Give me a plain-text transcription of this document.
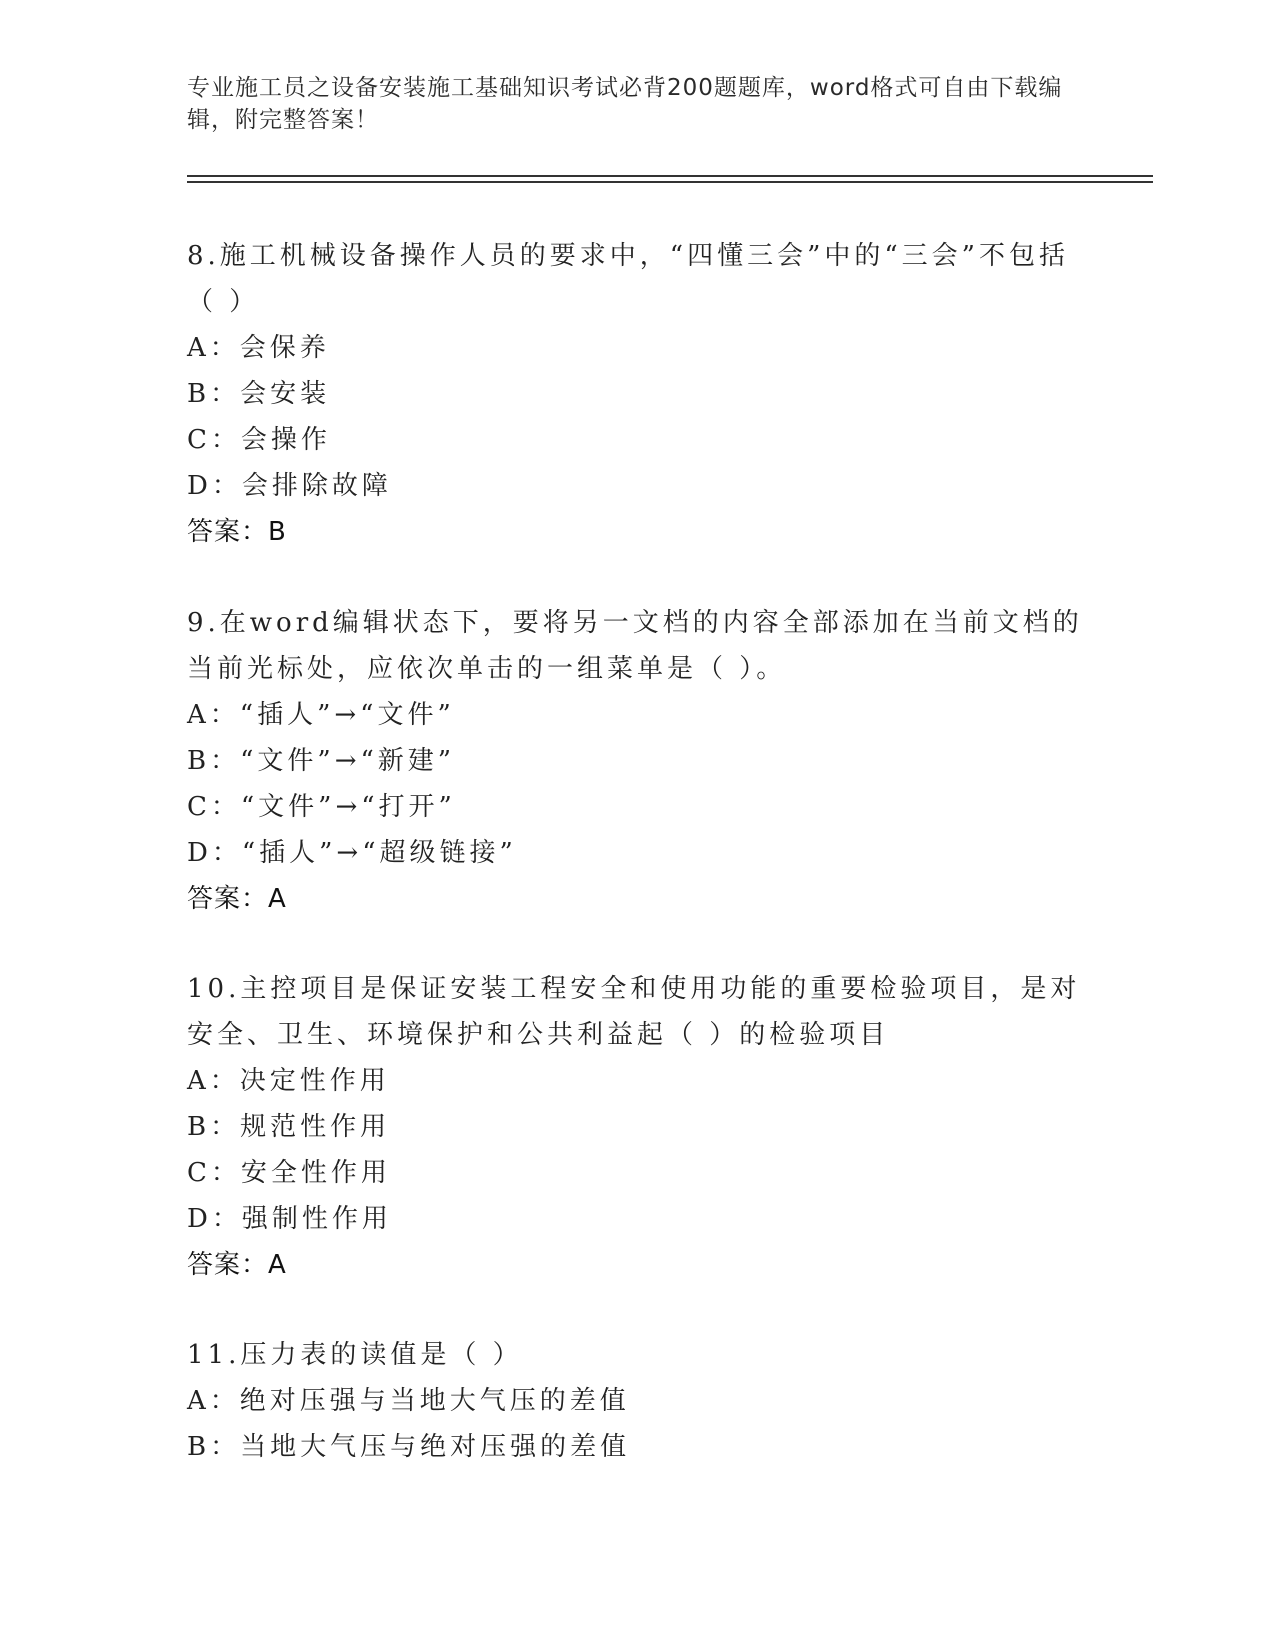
专业施工员之设备安装施工基础知识考试必背200题题库，word格式可自由下载编辑，附完整答案！
8.施工机械设备操作人员的要求中，“四懂三会”中的“三会”不包括（ ）
A：会保养
B：会安装
C：会操作
D：会排除故障
答案：B
9.在word编辑状态下，要将另一文档的内容全部添加在当前文档的当前光标处，应依次单击的一组菜单是（ ）。
A：“插人”→“文件”
B：“文件”→“新建”
C：“文件”→“打开”
D：“插人”→“超级链接”
答案：A
10.主控项目是保证安装工程安全和使用功能的重要检验项目，是对安全、卫生、环境保护和公共利益起（ ）的检验项目
A：决定性作用
B：规范性作用
C：安全性作用
D：强制性作用
答案：A
11.压力表的读值是（ ）
A：绝对压强与当地大气压的差值
B：当地大气压与绝对压强的差值
